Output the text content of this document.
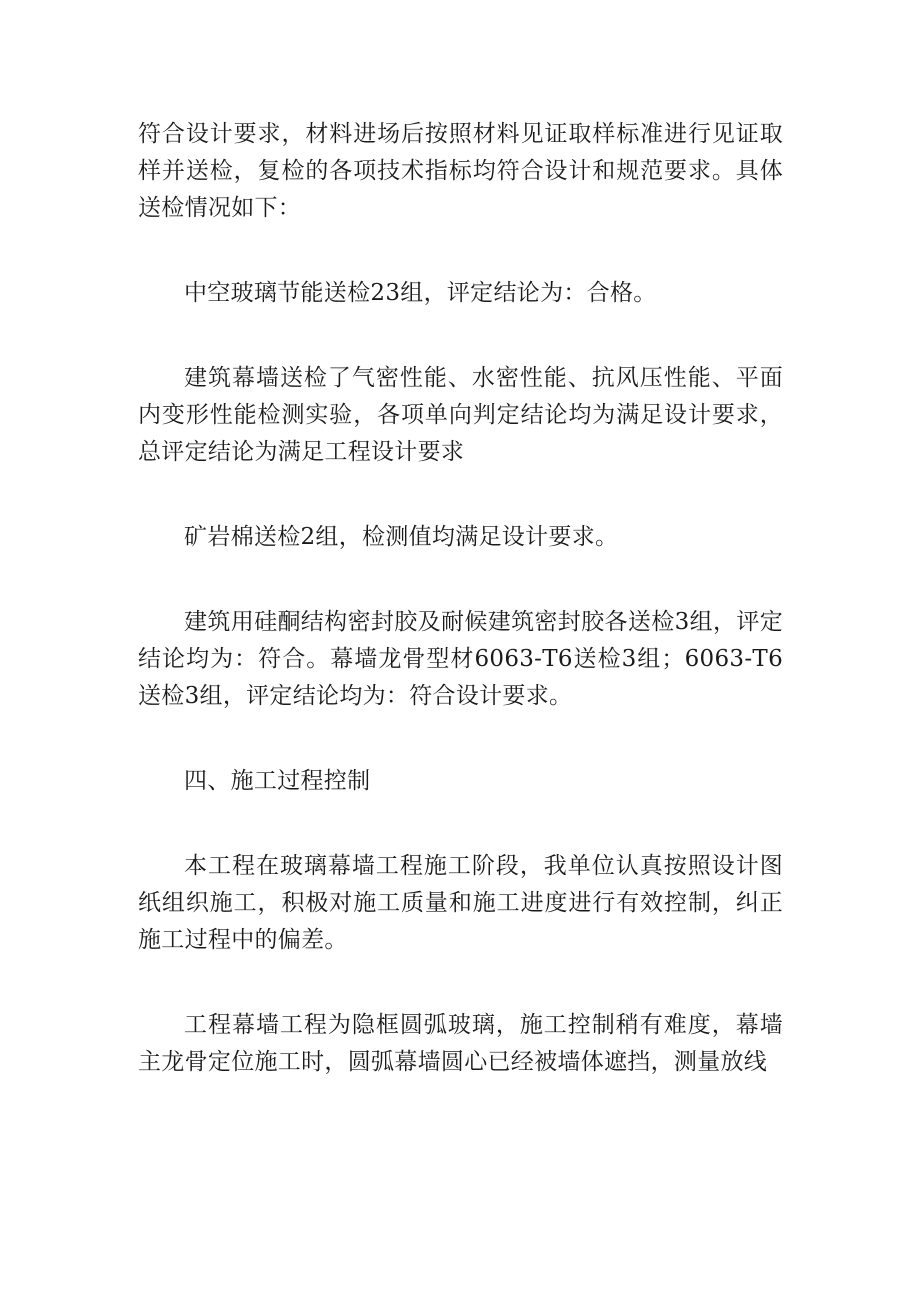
符合设计要求，材料进场后按照材料见证取样标准进行见证取样并送检，复检的各项技术指标均符合设计和规范要求。具体送检情况如下：

中空玻璃节能送检23组，评定结论为：合格。

建筑幕墙送检了气密性能、水密性能、抗风压性能、平面内变形性能检测实验，各项单向判定结论均为满足设计要求，总评定结论为满足工程设计要求

矿岩棉送检2组，检测值均满足设计要求。

建筑用硅酮结构密封胶及耐候建筑密封胶各送检3组，评定结论均为：符合。幕墙龙骨型材6063-T6送检3组；6063-T6送检3组，评定结论均为：符合设计要求。

四、施工过程控制

本工程在玻璃幕墙工程施工阶段，我单位认真按照设计图纸组织施工，积极对施工质量和施工进度进行有效控制，纠正施工过程中的偏差。

工程幕墙工程为隐框圆弧玻璃，施工控制稍有难度，幕墙主龙骨定位施工时，圆弧幕墙圆心已经被墙体遮挡，测量放线
